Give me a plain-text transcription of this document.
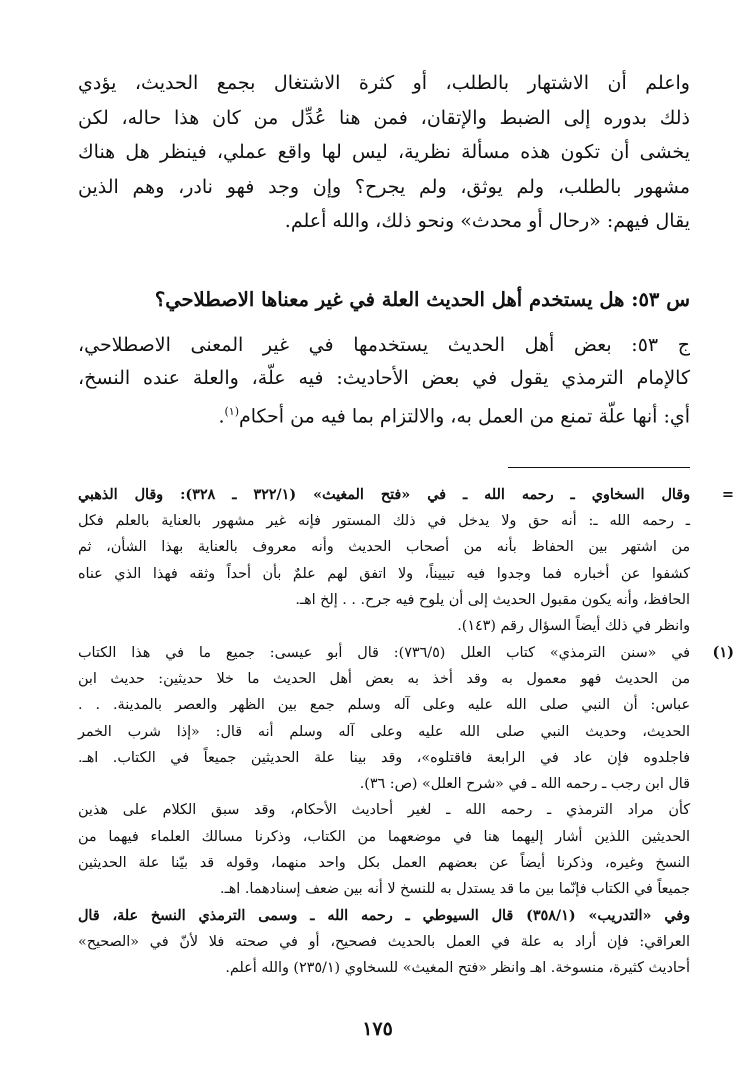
واعلم أن الاشتهار بالطلب، أو كثرة الاشتغال بجمع الحديث، يؤدي
ذلك بدوره إلى الضبط والإتقان، فمن هنا عُدِّل من كان هذا حاله، لكن
يخشى أن تكون هذه مسألة نظرية، ليس لها واقع عملي، فينظر هل هناك
مشهور بالطلب، ولم يوثق، ولم يجرح؟ وإن وجد فهو نادر، وهم الذين
يقال فيهم: «رحال أو محدث» ونحو ذلك، والله أعلم.
س ٥٣: هل يستخدم أهل الحديث العلة في غير معناها الاصطلاحي؟
ج ٥٣: بعض أهل الحديث يستخدمها في غير المعنى الاصطلاحي،
كالإمام الترمذي يقول في بعض الأحاديث: فيه علّة، والعلة عنده النسخ،
أي: أنها علّة تمنع من العمل به، والالتزام بما فيه من أحكام$^{(١)}$.
=
وقال السخاوي ـ رحمه الله ـ في «فتح المغيث» (٣٢٢/١ ـ ٣٢٨): وقال الذهبي
ـ رحمه الله ـ: أنه حق ولا يدخل في ذلك المستور فإنه غير مشهور بالعناية بالعلم فكل
من اشتهر بين الحفاظ بأنه من أصحاب الحديث وأنه معروف بالعناية بهذا الشأن، ثم
كشفوا عن أخباره فما وجدوا فيه تبييناً، ولا اتفق لهم علمٌ بأن أحداً وثقه فهذا الذي عناه
الحافظ، وأنه يكون مقبول الحديث إلى أن يلوح فيه جرح. . . إلخ اهـ.
وانظر في ذلك أيضاً السؤال رقم (١٤٣).
(١)
في «سنن الترمذي» كتاب العلل (٧٣٦/٥): قال أبو عيسى: جميع ما في هذا الكتاب
من الحديث فهو معمول به وقد أخذ به بعض أهل الحديث ما خلا حديثين: حديث ابن
عباس: أن النبي صلى الله عليه وعلى آله وسلم جمع بين الظهر والعصر بالمدينة. . .
الحديث، وحديث النبي صلى الله عليه وعلى آله وسلم أنه قال: «إذا شرب الخمر
فاجلدوه فإن عاد في الرابعة فاقتلوه»، وقد بينا علة الحديثين جميعاً في الكتاب. اهـ.
قال ابن رجب ـ رحمه الله ـ في «شرح العلل» (ص: ٣٦).
كأن مراد الترمذي ـ رحمه الله ـ لغير أحاديث الأحكام، وقد سبق الكلام على هذين
الحديثين اللذين أشار إليهما هنا في موضعهما من الكتاب، وذكرنا مسالك العلماء فيهما من
النسخ وغيره، وذكرنا أيضاً عن بعضهم العمل بكل واحد منهما، وقوله قد بيّنا علة الحديثين
جميعاً في الكتاب فإنّما بين ما قد يستدل به للنسخ لا أنه بين ضعف إسنادهما. اهـ.
وفي «التدريب» (٣٥٨/١) قال السيوطي ـ رحمه الله ـ وسمى الترمذي النسخ علة، قال
العراقي: فإن أراد به علة في العمل بالحديث فصحيح، أو في صحته فلا لأنّ في «الصحيح»
أحاديث كثيرة، منسوخة. اهـ وانظر «فتح المغيث» للسخاوي (٢٣٥/١) والله أعلم.
١٧٥
